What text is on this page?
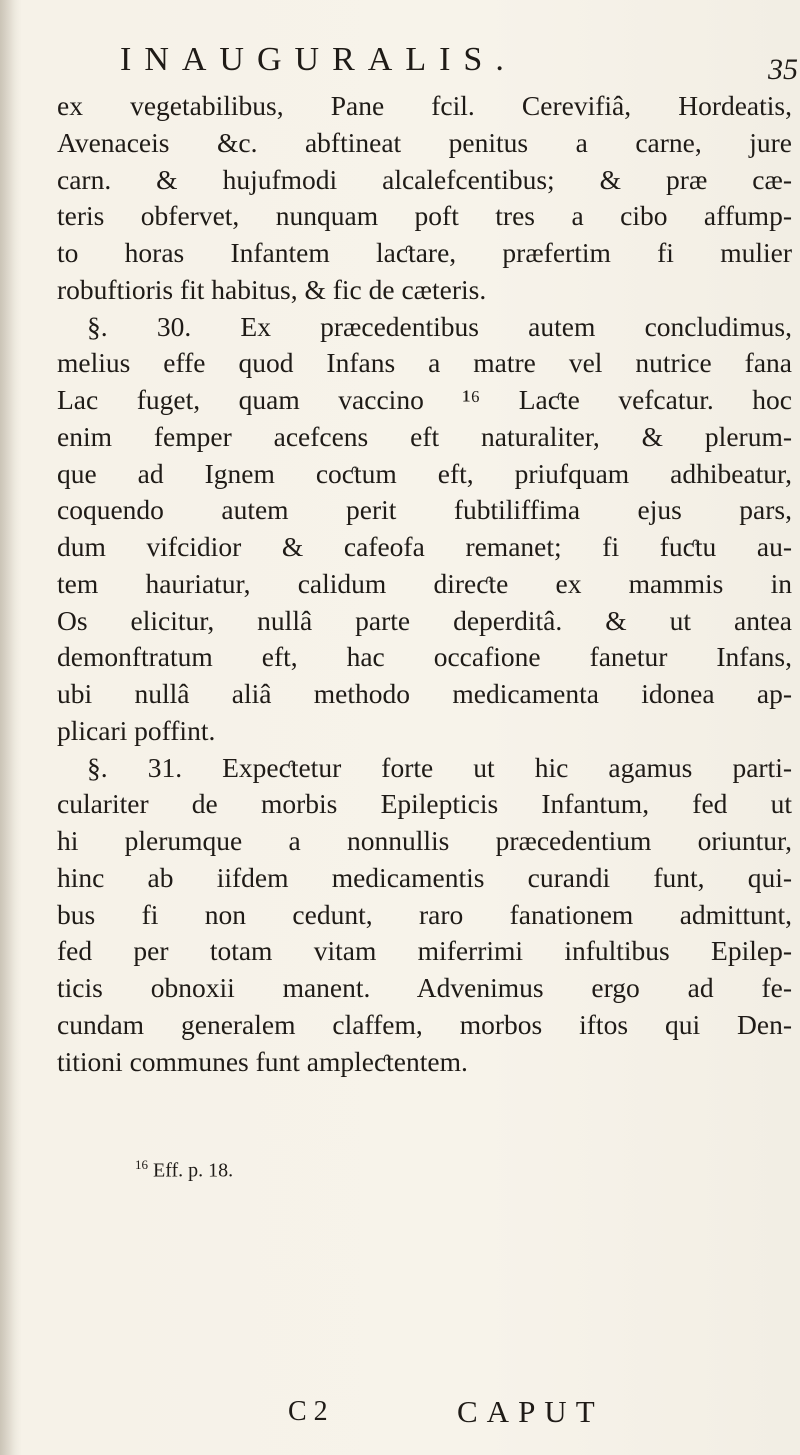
INAUGURALIS.	35
ex vegetabilibus, Pane fcil. Cerevifiâ, Hordeatis,
Avenaceis &c. abftineat penitus a carne, jure
carn. & hujufmodi alcalefcentibus; & præ cæ-
teris obfervet, nunquam poft tres a cibo affump-
to horas Infantem laƈtare, præfertim fi mulier
robuftioris fit habitus, & fic de cæteris.
§. 30. Ex præcedentibus autem concludimus,
melius effe quod Infans a matre vel nutrice fana
Lac fuget, quam vaccino ¹⁶ Laƈte vefcatur. hoc
enim femper acefcens eft naturaliter, & plerum-
que ad Ignem coƈtum eft, priufquam adhibeatur,
coquendo autem perit fubtiliffima ejus pars,
dum vifcidior & cafeofa remanet; fi fuƈtu au-
tem hauriatur, calidum direƈte ex mammis in
Os elicitur, nullâ parte deperditâ. & ut antea
demonftratum eft, hac occafione fanetur Infans,
ubi nullâ aliâ methodo medicamenta idonea ap-
plicari poffint.
§. 31. Expeƈtetur forte ut hic agamus parti-
culariter de morbis Epilepticis Infantum, fed ut
hi plerumque a nonnullis præcedentium oriuntur,
hinc ab iifdem medicamentis curandi funt, qui-
bus fi non cedunt, raro fanationem admittunt,
fed per totam vitam miferrimi infultibus Epilep-
ticis obnoxii manent. Advenimus ergo ad fe-
cundam generalem claffem, morbos iftos qui Den-
titioni communes funt ampleƈtentem.
$^{16}$ Eff. p. 18.
C 2	CAPUT
